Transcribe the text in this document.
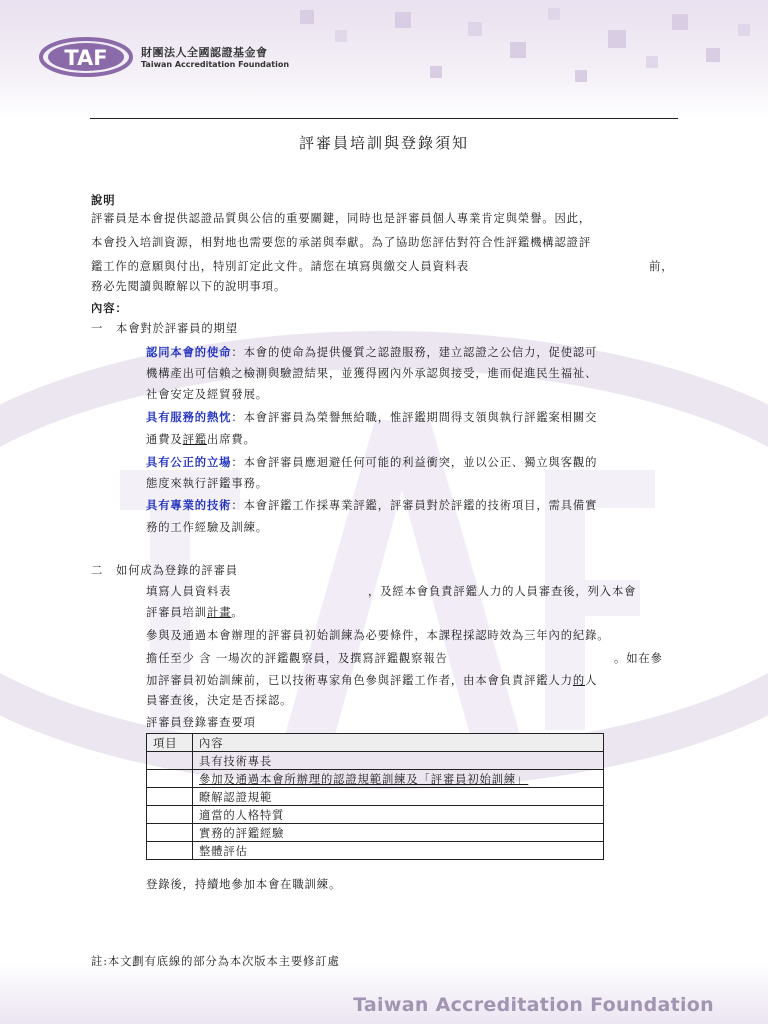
TAF	財團法人全國認證基金會
Taiwan Accreditation Foundation
評審員培訓與登錄須知
說明
評審員是本會提供認證品質與公信的重要關鍵，同時也是評審員個人專業肯定與榮譽。因此，
本會投入培訓資源，相對地也需要您的承諾與奉獻。為了協助您評估對符合性評鑑機構認證評
鑑工作的意願與付出，特別訂定此文件。請您在填寫與繳交人員資料表	前，
務必先閱讀與瞭解以下的說明事項。
內容：
一 本會對於評審員的期望
認同本會的使命：本會的使命為提供優質之認證服務，建立認證之公信力，促使認可
機構產出可信賴之檢測與驗證結果，並獲得國內外承認與接受，進而促進民生福祉、
社會安定及經貿發展。
具有服務的熱忱：本會評審員為榮譽無給職，惟評鑑期間得支領與執行評鑑案相關交
通費及評鑑出席費。
具有公正的立場：本會評審員應迴避任何可能的利益衝突，並以公正、獨立與客觀的
態度來執行評鑑事務。
具有專業的技術：本會評鑑工作採專業評鑑，評審員對於評鑑的技術項目，需具備實
務的工作經驗及訓練。
二 如何成為登錄的評審員
填寫人員資料表	，及經本會負責評鑑人力的人員審查後，列入本會
評審員培訓計畫。
參與及通過本會辦理的評審員初始訓練為必要條件，本課程採認時效為三年內的紀錄。
擔任至少 含 一場次的評鑑觀察員，及撰寫評鑑觀察報告	。如在參
加評審員初始訓練前，已以技術專家角色參與評鑑工作者，由本會負責評鑑人力的人
員審查後，決定是否採認。
評審員登錄審查要項
項目	內容
	具有技術專長
	參加及通過本會所辦理的認證規範訓練及「評審員初始訓練」
	瞭解認證規範
	適當的人格特質
	實務的評鑑經驗
	整體評估
登錄後，持續地參加本會在職訓練。
註:本文劃有底線的部分為本次版本主要修訂處
Taiwan Accreditation Foundation
